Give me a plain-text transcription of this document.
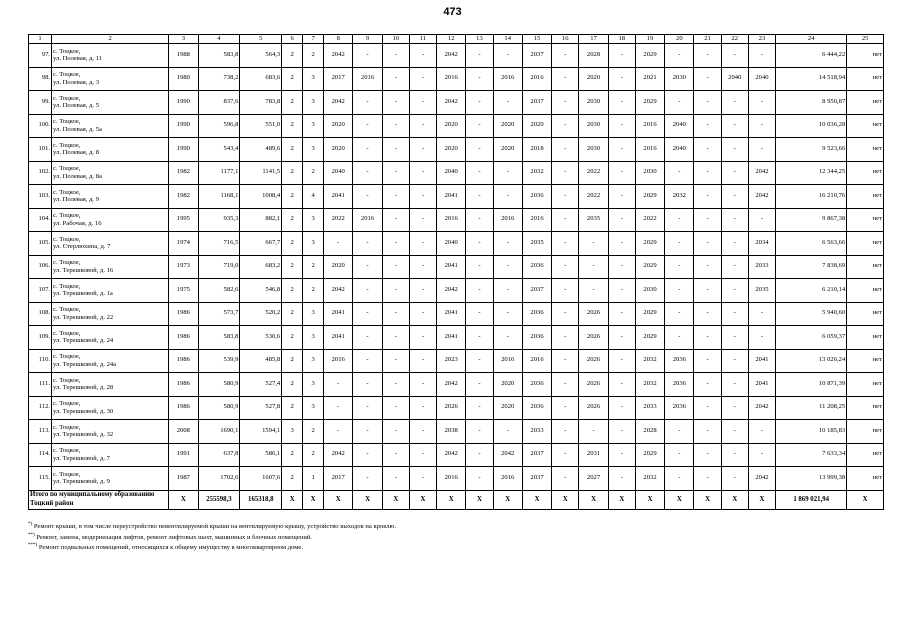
473
1	2	3	4	5	6	7	8	9	10	11	12	13	14	15	16	17	18	19	20	21	22	23	24	25
97.	с. Тоцкое,
ул. Полевая, д. 11	1988	583,8	564,3	2	2	2042	-	-	-	2042	-	-	2037	-	2028	-	2029	-	-	-	-	6 444,22	нет
98.	с. Тоцкое,
ул. Полевая, д. 3	1980	738,2	683,6	2	3	2017	2016	-	-	2016	-	2016	2016	-	2020	-	2021	2030	-	2040	2040	14 518,94	нет
99.	с. Тоцкое,
ул. Полевая, д. 5	1990	837,6	783,8	2	3	2042	-	-	-	2042	-	-	2037	-	2030	-	2029	-	-	-	-	8 950,87	нет
100.	с. Тоцкое,
ул. Полевая, д. 5а	1990	596,8	551,0	2	3	2020	-	-	-	2020	-	2020	2020	-	2030	-	2016	2040	-	-	-	10 036,28	нет
101.	с. Тоцкое,
ул. Полевая, д. 8	1990	543,4	489,6	2	3	2020	-	-	-	2020	-	2020	2018	-	2030	-	2016	2040	-	-	-	9 523,66	нет
102.	с. Тоцкое,
ул. Полевая, д. 8а	1982	1177,1	1141,5	2	2	2040	-	-	-	2040	-	-	2032	-	2022	-	2030	-	-	-	2042	12 344,25	нет
103.	с. Тоцкое,
ул. Полевая, д. 9	1982	1168,1	1008,4	2	4	2041	-	-	-	2041	-	-	2036	-	2022	-	2029	2032	-	-	2042	16 210,76	нет
104.	с. Тоцкое,
ул. Рабочая, д. 16	1995	935,3	882,1	2	3	2022	2016	-	-	2016	-	2016	2016	-	2035	-	2022	-	-	-	-	9 867,38	нет
105.	с. Тоцкое,
ул. Стерлюхина, д. 7	1974	716,5	667,7	2	3	-	-	-	-	2040	-	-	2035	-	-	-	2029	-	-	-	2034	6 563,66	нет
106.	с. Тоцкое,
ул. Терешковой, д. 16	1973	719,0	683,2	2	2	2020	-	-	-	2041	-	-	2036	-	-	-	2029	-	-	-	2033	7 838,69	нет
107.	с. Тоцкое,
ул. Терешковой, д. 1а	1975	582,6	546,8	2	2	2042	-	-	-	2042	-	-	2037	-	-	-	2030	-	-	-	2035	6 210,14	нет
108.	с. Тоцкое,
ул. Терешковой, д. 22	1986	573,7	520,2	2	3	2041	-	-	-	2041	-	-	2036	-	2026	-	2029	-	-	-	-	5 940,60	нет
109.	с. Тоцкое,
ул. Терешковой, д. 24	1986	583,8	530,6	2	3	2041	-	-	-	2041	-	-	2036	-	2026	-	2029	-	-	-	-	6 059,37	нет
110.	с. Тоцкое,
ул. Терешковой, д. 24а	1986	539,9	485,8	2	3	2016	-	-	-	2023	-	2016	2016	-	2026	-	2032	2036	-	-	2041	13 026,24	нет
111.	с. Тоцкое,
ул. Терешковой, д. 28	1986	580,9	527,4	2	3	-	-	-	-	2042	-	2020	2036	-	2026	-	2032	2036	-	-	2041	10 871,39	нет
112.	с. Тоцкое,
ул. Терешковой, д. 30	1986	580,9	527,8	2	3	-	-	-	-	2026	-	2020	2036	-	2026	-	2033	2036	-	-	2042	11 208,25	нет
113.	с. Тоцкое,
ул. Терешковой, д. 32	2008	1690,1	1594,1	3	2	-	-	-	-	2038	-	-	2033	-	-	-	2028	-	-	-	-	10 185,83	нет
114.	с. Тоцкое,
ул. Терешковой, д. 7	1991	637,8	586,1	2	2	2042	-	-	-	2042	-	2042	2037	-	2031	-	2029	-	-	-	-	7 633,34	нет
115.	с. Тоцкое,
ул. Терешковой, д. 9	1987	1702,6	1607,6	2	1	2017	-	-	-	2016	-	2016	2037	-	2027	-	2032	-	-	-	2042	13 999,38	нет
Итого по муниципальному образованию Тоцкий район		X	255598,3	165318,8	X	X	X	X	X	X	X	X	X	X	X	X	X	X	X	X	X	X	1 869 021,94	X
*) Ремонт крыши, в том числе переустройство невентилируемой крыши на вентилируемую крышу, устройство выходов на кровлю.
**) Ремонт, замена, модернизация лифтов, ремонт лифтовых шахт, машинных и блочных помещений.
***) Ремонт подвальных помещений, относящихся к общему имуществу в многоквартирном доме.
